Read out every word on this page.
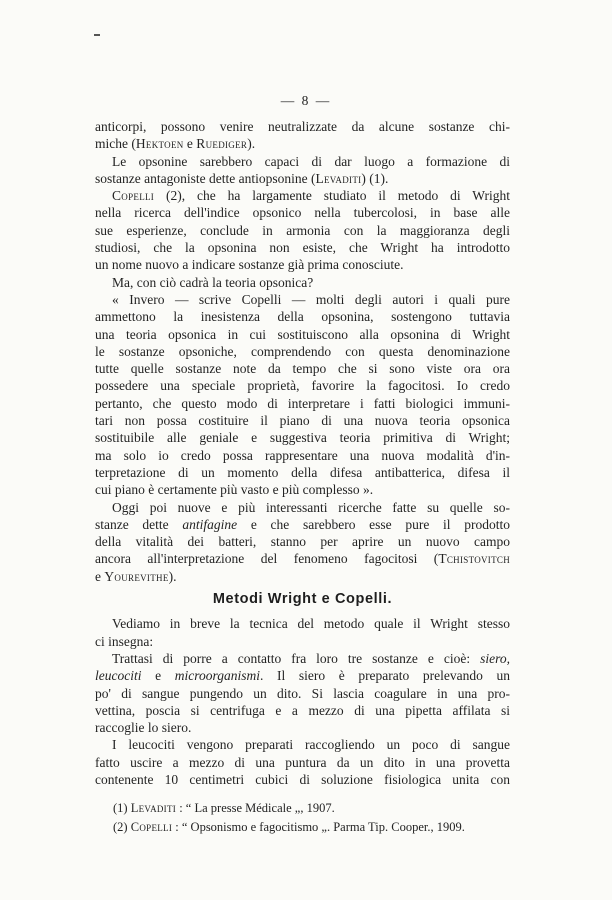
— 8 —
anticorpi, possono venire neutralizzate da alcune sostanze chi-
miche (Hektoen e Ruediger).
Le opsonine sarebbero capaci di dar luogo a formazione di
sostanze antagoniste dette antiopsonine (Levaditi) (1).
Copelli (2), che ha largamente studiato il metodo di Wright
nella ricerca dell'indice opsonico nella tubercolosi, in base alle
sue esperienze, conclude in armonia con la maggioranza degli
studiosi, che la opsonina non esiste, che Wright ha introdotto
un nome nuovo a indicare sostanze già prima conosciute.
Ma, con ciò cadrà la teoria opsonica?
« Invero — scrive Copelli — molti degli autori i quali pure
ammettono la inesistenza della opsonina, sostengono tuttavia
una teoria opsonica in cui sostituiscono alla opsonina di Wright
le sostanze opsoniche, comprendendo con questa denominazione
tutte quelle sostanze note da tempo che si sono viste ora ora
possedere una speciale proprietà, favorire la fagocitosi. Io credo
pertanto, che questo modo di interpretare i fatti biologici immuni-
tari non possa costituire il piano di una nuova teoria opsonica
sostituibile alle geniale e suggestiva teoria primitiva di Wright;
ma solo io credo possa rappresentare una nuova modalità d'in-
terpretazione di un momento della difesa antibatterica, difesa il
cui piano è certamente più vasto e più complesso ».
Oggi poi nuove e più interessanti ricerche fatte su quelle so-
stanze dette antifagine e che sarebbero esse pure il prodotto
della vitalità dei batteri, stanno per aprire un nuovo campo
ancora all'interpretazione del fenomeno fagocitosi (Tchistovitch
e Yourevithe).
Metodi Wright e Copelli.
Vediamo in breve la tecnica del metodo quale il Wright stesso
ci insegna:
Trattasi di porre a contatto fra loro tre sostanze e cioè: siero,
leucociti e microorganismi. Il siero è preparato prelevando un
po' di sangue pungendo un dito. Si lascia coagulare in una pro-
vettina, poscia si centrifuga e a mezzo di una pipetta affilata si
raccoglie lo siero.
I leucociti vengono preparati raccogliendo un poco di sangue
fatto uscire a mezzo di una puntura da un dito in una provetta
contenente 10 centimetri cubici di soluzione fisiologica unita con
(1) Levaditi : “ La presse Médicale „, 1907.
(2) Copelli : “ Opsonismo e fagocitismo „. Parma Tip. Cooper., 1909.
